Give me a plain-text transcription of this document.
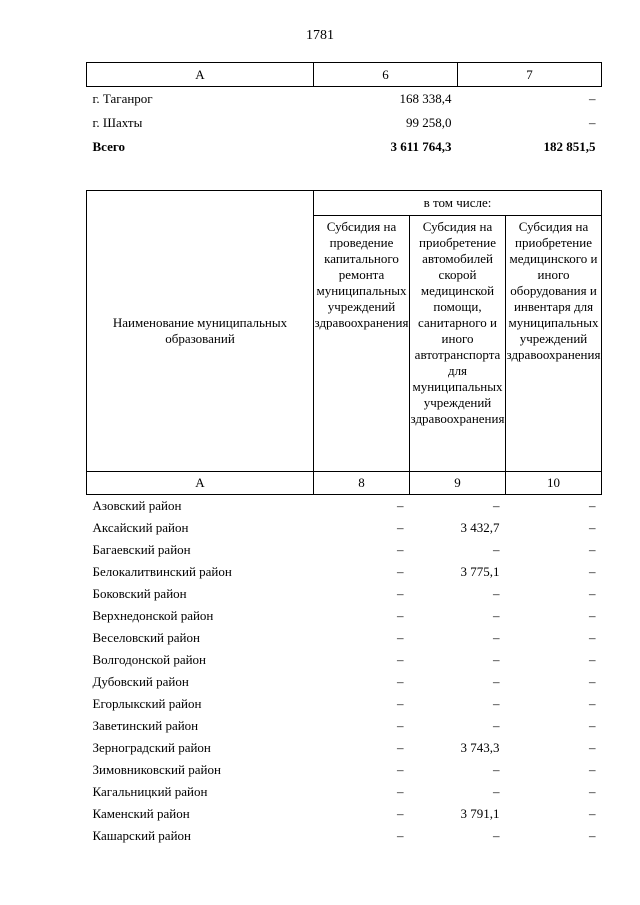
1781
А	6	7
г. Таганрог	168 338,4	–
г. Шахты	99 258,0	–
Всего	3 611 764,3	182 851,5
Наименование муниципальных образований	в том числе:		
	Субсидия на проведение капитального ремонта муниципальных учреждений здравоохранения	Субсидия на приобретение автомобилей скорой медицинской помощи, санитарного и иного автотранспорта для муниципальных учреждений здравоохранения	Субсидия на приобретение медицинского и иного оборудования и инвентаря для муниципальных учреждений здравоохранения
А	8	9	10
Азовский район	–	–	–
Аксайский район	–	3 432,7	–
Багаевский район	–	–	–
Белокалитвинский район	–	3 775,1	–
Боковский район	–	–	–
Верхнедонской район	–	–	–
Веселовский район	–	–	–
Волгодонской район	–	–	–
Дубовский район	–	–	–
Егорлыкский район	–	–	–
Заветинский район	–	–	–
Зерноградский район	–	3 743,3	–
Зимовниковский район	–	–	–
Кагальницкий район	–	–	–
Каменский район	–	3 791,1	–
Кашарский район	–	–	–
